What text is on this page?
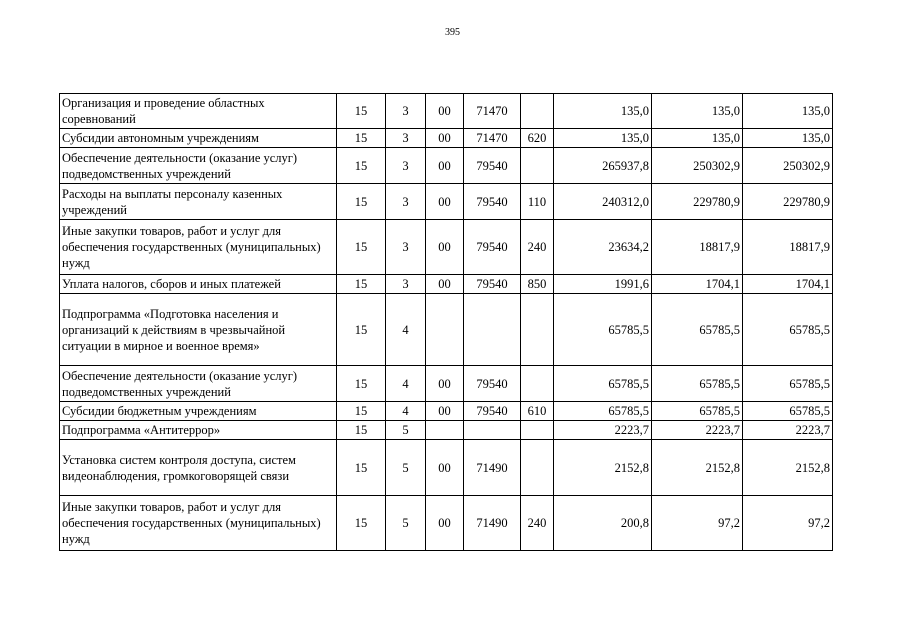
395
Организация и проведение областных соревнований	15	3	00	71470		135,0	135,0	135,0
Субсидии автономным учреждениям	15	3	00	71470	620	135,0	135,0	135,0
Обеспечение деятельности (оказание услуг) подведомственных учреждений	15	3	00	79540		265937,8	250302,9	250302,9
Расходы на выплаты персоналу казенных учреждений	15	3	00	79540	110	240312,0	229780,9	229780,9
Иные закупки товаров, работ и услуг для обеспечения государственных (муниципальных) нужд	15	3	00	79540	240	23634,2	18817,9	18817,9
Уплата налогов, сборов и иных платежей	15	3	00	79540	850	1991,6	1704,1	1704,1
Подпрограмма «Подготовка населения и организаций к действиям в чрезвычайной ситуации в мирное и военное время»	15	4				65785,5	65785,5	65785,5
Обеспечение деятельности (оказание услуг) подведомственных учреждений	15	4	00	79540		65785,5	65785,5	65785,5
Субсидии бюджетным учреждениям	15	4	00	79540	610	65785,5	65785,5	65785,5
Подпрограмма «Антитеррор»	15	5				2223,7	2223,7	2223,7
Установка систем контроля доступа, систем видеонаблюдения, громкоговорящей связи	15	5	00	71490		2152,8	2152,8	2152,8
Иные закупки товаров, работ и услуг для обеспечения государственных (муниципальных) нужд	15	5	00	71490	240	200,8	97,2	97,2
